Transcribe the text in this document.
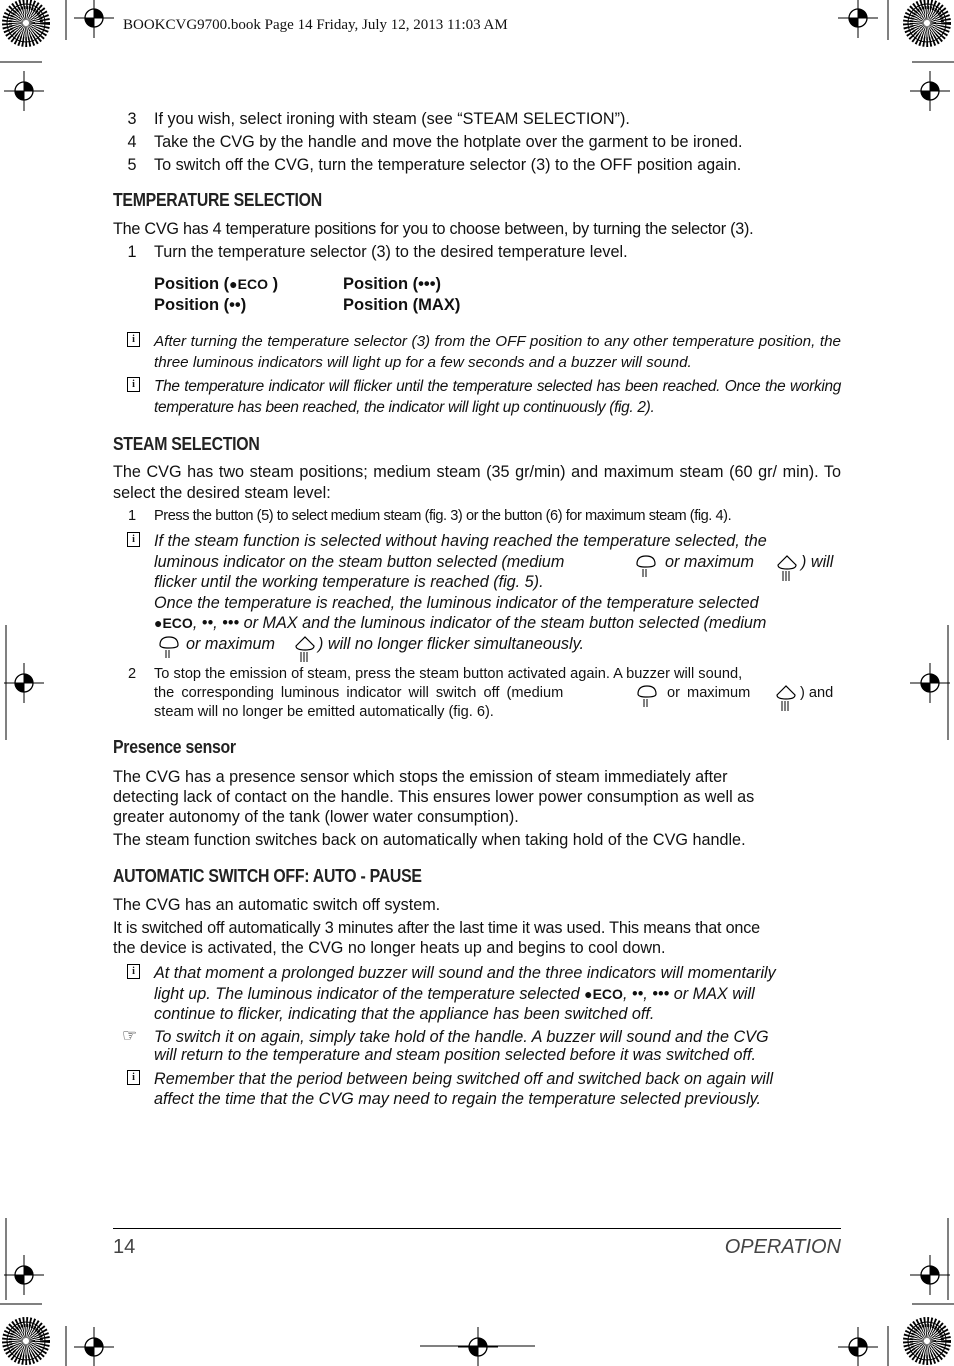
BOOKCVG9700.book Page 14 Friday, July 12, 2013 11:03 AM
3	If you wish, select ironing with steam (see “STEAM SELECTION”).
4	Take the CVG by the handle and move the hotplate over the garment to be ironed.
5	To switch off the CVG, turn the temperature selector (3) to the OFF position again.
TEMPERATURE SELECTION
The CVG has 4 temperature positions for you to choose between, by turning the selector (3).
1	Turn the temperature selector (3) to the desired temperature level.
Position (●ECO )	Position (•••)
Position (••)	Position (MAX)
i	After turning the temperature selector (3) from the OFF position to any other temperature position, the three luminous indicators will light up for a few seconds and a buzzer will sound.
i	The temperature indicator will flicker until the temperature selected has been reached. Once the working temperature has been reached, the indicator will light up continuously (fig. 2).
STEAM SELECTION
The CVG has two steam positions; medium steam (35 gr/min) and maximum steam (60 gr/ min). To select the desired steam level:
1	Press the button (5) to select medium steam (fig. 3) or the button (6) for maximum steam (fig. 4).
i	If the steam function is selected without having reached the temperature selected, the
luminous indicator on the steam button selected (medium	or maximum	) will
flicker until the working temperature is reached (fig. 5).
Once the temperature is reached, the luminous indicator of the temperature selected
●ECO, ••, ••• or MAX and the luminous indicator of the steam button selected (medium
or maximum	) will no longer flicker simultaneously.
2	To stop the emission of steam, press the steam button activated again. A buzzer will sound,
the corresponding luminous indicator will switch off (medium	or maximum	) and
steam will no longer be emitted automatically (fig. 6).
Presence sensor
The CVG has a presence sensor which stops the emission of steam immediately after
detecting lack of contact on the handle. This ensures lower power consumption as well as
greater autonomy of the tank (lower water consumption).
The steam function switches back on automatically when taking hold of the CVG handle.
AUTOMATIC SWITCH OFF: AUTO - PAUSE
The CVG has an automatic switch off system.
It is switched off automatically 3 minutes after the last time it was used. This means that once
the device is activated, the CVG no longer heats up and begins to cool down.
i	At that moment a prolonged buzzer will sound and the three indicators will momentarily
light up. The luminous indicator of the temperature selected ●ECO, ••, ••• or MAX will
continue to flicker, indicating that the appliance has been switched off.
☞ To switch it on again, simply take hold of the handle. A buzzer will sound and the CVG
will return to the temperature and steam position selected before it was switched off.
i	Remember that the period between being switched off and switched back on again will
affect the time that the CVG may need to regain the temperature selected previously.
14	OPERATION
